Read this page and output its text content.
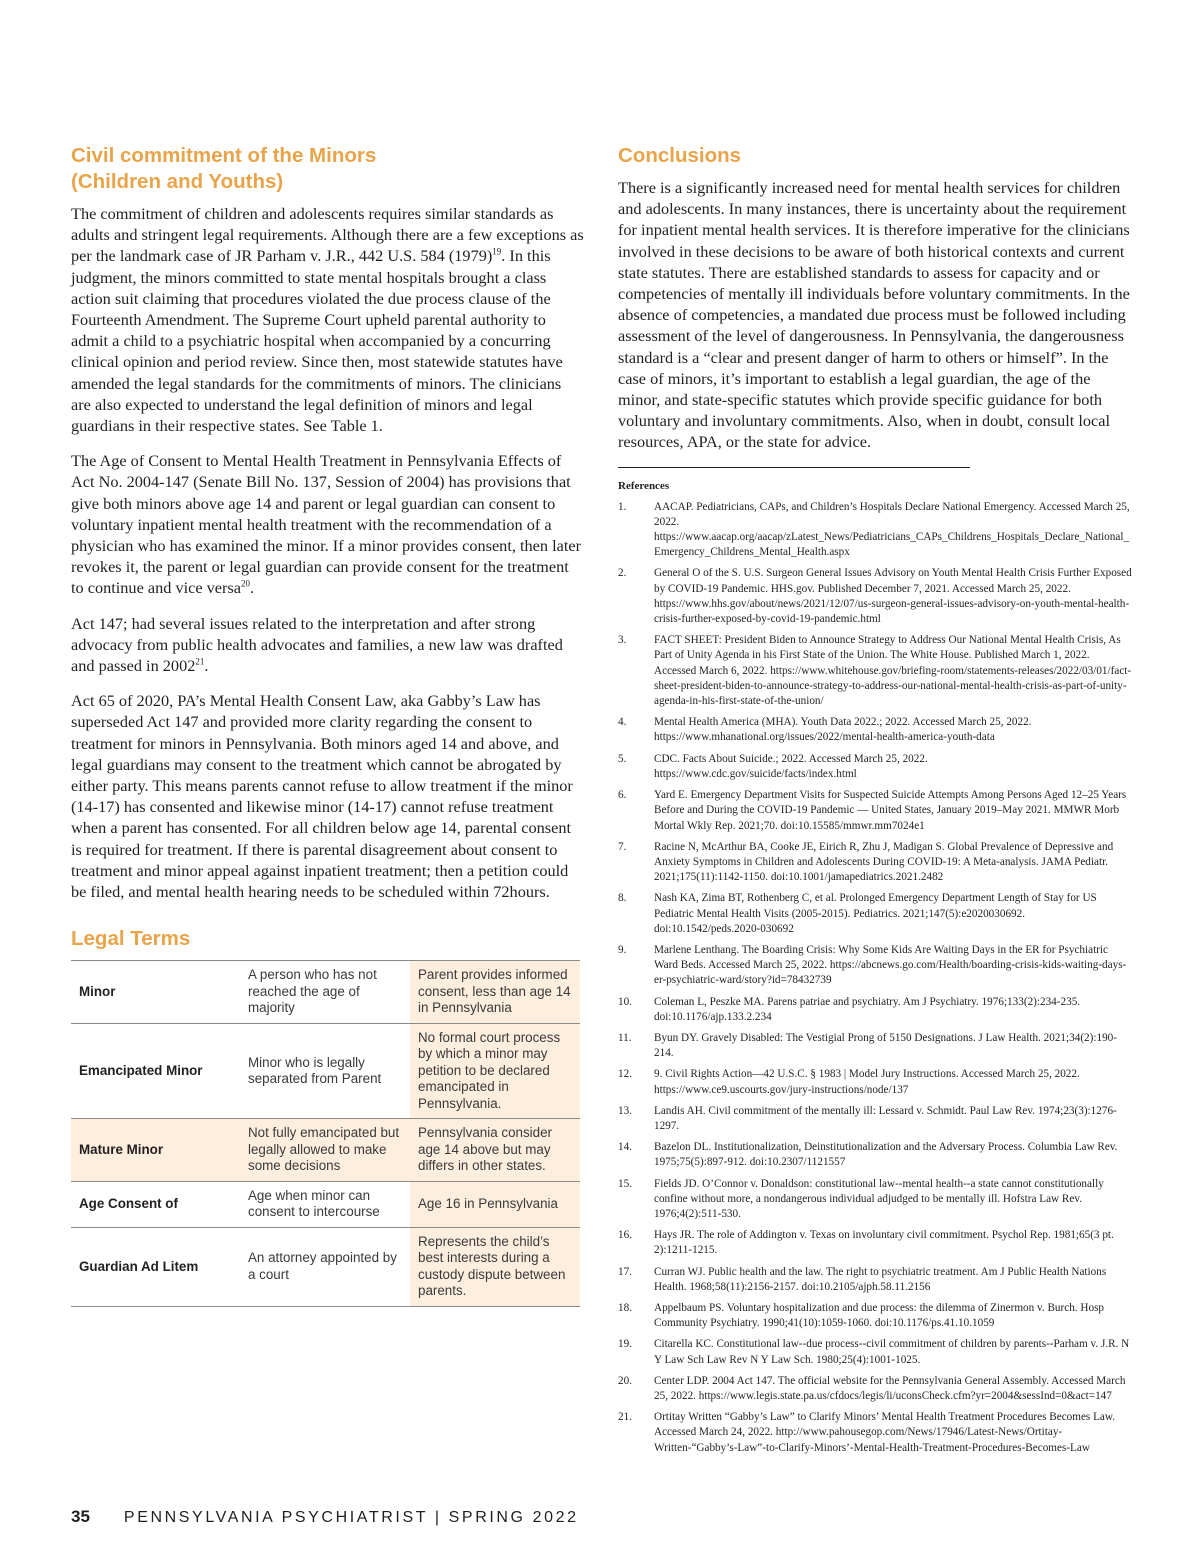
Civil commitment of the Minors
(Children and Youths)

The commitment of children and adolescents requires similar standards as adults and stringent legal requirements. Although there are a few exceptions as per the landmark case of JR Parham v. J.R., 442 U.S. 584 $(1979)^{19}$. In this judgment, the minors committed to state mental hospitals brought a class action suit claiming that procedures violated the due process clause of the Fourteenth Amendment. The Supreme Court upheld parental authority to admit a child to a psychiatric hospital when accompanied by a concurring clinical opinion and period review. Since then, most statewide statutes have amended the legal standards for the commitments of minors. The clinicians are also expected to understand the legal definition of minors and legal guardians in their respective states. See Table 1.

The Age of Consent to Mental Health Treatment in Pennsylvania Effects of Act No. 2004-147 (Senate Bill No. 137, Session of 2004) has provisions that give both minors above age 14 and parent or legal guardian can consent to voluntary inpatient mental health treatment with the recommendation of a physician who has examined the minor. If a minor provides consent, then later revokes it, the parent or legal guardian can provide consent for the treatment to continue and vice versa$^{20}$.

Act 147; had several issues related to the interpretation and after strong advocacy from public health advocates and families, a new law was drafted and passed in 2002$^{21}$.

Act 65 of 2020, PA’s Mental Health Consent Law, aka Gabby’s Law has superseded Act 147 and provided more clarity regarding the consent to treatment for minors in Pennsylvania. Both minors aged 14 and above, and legal guardians may consent to the treatment which cannot be abrogated by either party. This means parents cannot refuse to allow treatment if the minor (14-17) has consented and likewise minor (14-17) cannot refuse treatment when a parent has consented. For all children below age 14, parental consent is required for treatment. If there is parental disagreement about consent to treatment and minor appeal against inpatient treatment; then a petition could be filed, and mental health hearing needs to be scheduled within 72hours.

Legal Terms
Minor	A person who has not reached the age of majority	Parent provides informed consent, less than age 14 in Pennsylvania
Emancipated Minor	Minor who is legally separated from Parent	No formal court process by which a minor may petition to be declared emancipated in Pennsylvania.
Mature Minor	Not fully emancipated but legally allowed to make some decisions	Pennsylvania consider age 14 above but may differs in other states.
Age Consent of	Age when minor can consent to intercourse	Age 16 in Pennsylvania
Guardian Ad Litem	An attorney appointed by a court	Represents the child’s best interests during a custody dispute between parents.
Conclusions

There is a significantly increased need for mental health services for children and adolescents. In many instances, there is uncertainty about the requirement for inpatient mental health services. It is therefore imperative for the clinicians involved in these decisions to be aware of both historical contexts and current state statutes. There are established standards to assess for capacity and or competencies of mentally ill individuals before voluntary commitments. In the absence of competencies, a mandated due process must be followed including assessment of the level of dangerousness. In Pennsylvania, the dangerousness standard is a “clear and present danger of harm to others or himself”. In the case of minors, it’s important to establish a legal guardian, the age of the minor, and state-specific statutes which provide specific guidance for both voluntary and involuntary commitments. Also, when in doubt, consult local resources, APA, or the state for advice.

References
1.	AACAP. Pediatricians, CAPs, and Children’s Hospitals Declare National Emergency. Accessed March 25, 2022. https://www.aacap.org/aacap/zLatest_News/Pediatricians_CAPs_Childrens_Hospitals_Declare_National_Emergency_Childrens_Mental_Health.aspx
2.	General O of the S. U.S. Surgeon General Issues Advisory on Youth Mental Health Crisis Further Exposed by COVID-19 Pandemic. HHS.gov. Published December 7, 2021. Accessed March 25, 2022. https://www.hhs.gov/about/news/2021/12/07/us-surgeon-general-issues-advisory-on-youth-mental-health-crisis-further-exposed-by-covid-19-pandemic.html
3.	FACT SHEET: President Biden to Announce Strategy to Address Our National Mental Health Crisis, As Part of Unity Agenda in his First State of the Union. The White House. Published March 1, 2022. Accessed March 6, 2022. https://www.whitehouse.gov/briefing-room/statements-releases/2022/03/01/fact-sheet-president-biden-to-announce-strategy-to-address-our-national-mental-health-crisis-as-part-of-unity-agenda-in-his-first-state-of-the-union/
4.	Mental Health America (MHA). Youth Data 2022.; 2022. Accessed March 25, 2022. https://www.mhanational.org/issues/2022/mental-health-america-youth-data
5.	CDC. Facts About Suicide.; 2022. Accessed March 25, 2022. https://www.cdc.gov/suicide/facts/index.html
6.	Yard E. Emergency Department Visits for Suspected Suicide Attempts Among Persons Aged 12–25 Years Before and During the COVID-19 Pandemic — United States, January 2019–May 2021. MMWR Morb Mortal Wkly Rep. 2021;70. doi:10.15585/mmwr.mm7024e1
7.	Racine N, McArthur BA, Cooke JE, Eirich R, Zhu J, Madigan S. Global Prevalence of Depressive and Anxiety Symptoms in Children and Adolescents During COVID-19: A Meta-analysis. JAMA Pediatr. 2021;175(11):1142-1150. doi:10.1001/jamapediatrics.2021.2482
8.	Nash KA, Zima BT, Rothenberg C, et al. Prolonged Emergency Department Length of Stay for US Pediatric Mental Health Visits (2005-2015). Pediatrics. 2021;147(5):e2020030692. doi:10.1542/peds.2020-030692
9.	Marlene Lenthang. The Boarding Crisis: Why Some Kids Are Waiting Days in the ER for Psychiatric Ward Beds. Accessed March 25, 2022. https://abcnews.go.com/Health/boarding-crisis-kids-waiting-days-er-psychiatric-ward/story?id=78432739
10.	Coleman L, Peszke MA. Parens patriae and psychiatry. Am J Psychiatry. 1976;133(2):234-235. doi:10.1176/ajp.133.2.234
11.	Byun DY. Gravely Disabled: The Vestigial Prong of 5150 Designations. J Law Health. 2021;34(2):190-214.
12.	9. Civil Rights Action—42 U.S.C. § 1983 | Model Jury Instructions. Accessed March 25, 2022. https://www.ce9.uscourts.gov/jury-instructions/node/137
13.	Landis AH. Civil commitment of the mentally ill: Lessard v. Schmidt. Paul Law Rev. 1974;23(3):1276-1297.
14.	Bazelon DL. Institutionalization, Deinstitutionalization and the Adversary Process. Columbia Law Rev. 1975;75(5):897-912. doi:10.2307/1121557
15.	Fields JD. O’Connor v. Donaldson: constitutional law--mental health--a state cannot constitutionally confine without more, a nondangerous individual adjudged to be mentally ill. Hofstra Law Rev. 1976;4(2):511-530.
16.	Hays JR. The role of Addington v. Texas on involuntary civil commitment. Psychol Rep. 1981;65(3 pt. 2):1211-1215.
17.	Curran WJ. Public health and the law. The right to psychiatric treatment. Am J Public Health Nations Health. 1968;58(11):2156-2157. doi:10.2105/ajph.58.11.2156
18.	Appelbaum PS. Voluntary hospitalization and due process: the dilemma of Zinermon v. Burch. Hosp Community Psychiatry. 1990;41(10):1059-1060. doi:10.1176/ps.41.10.1059
19.	Citarella KC. Constitutional law--due process--civil commitment of children by parents--Parham v. J.R. N Y Law Sch Law Rev N Y Law Sch. 1980;25(4):1001-1025.
20.	Center LDP. 2004 Act 147. The official website for the Pennsylvania General Assembly. Accessed March 25, 2022. https://www.legis.state.pa.us/cfdocs/legis/li/uconsCheck.cfm?yr=2004&sessInd=0&act=147
21.	Ortitay Written “Gabby’s Law” to Clarify Minors’ Mental Health Treatment Procedures Becomes Law. Accessed March 24, 2022. http://www.pahousegop.com/News/17946/Latest-News/Ortitay-Written-“Gabby’s-Law”-to-Clarify-Minors’-Mental-Health-Treatment-Procedures-Becomes-Law
35 PENNSYLVANIA PSYCHIATRIST | SPRING 2022
